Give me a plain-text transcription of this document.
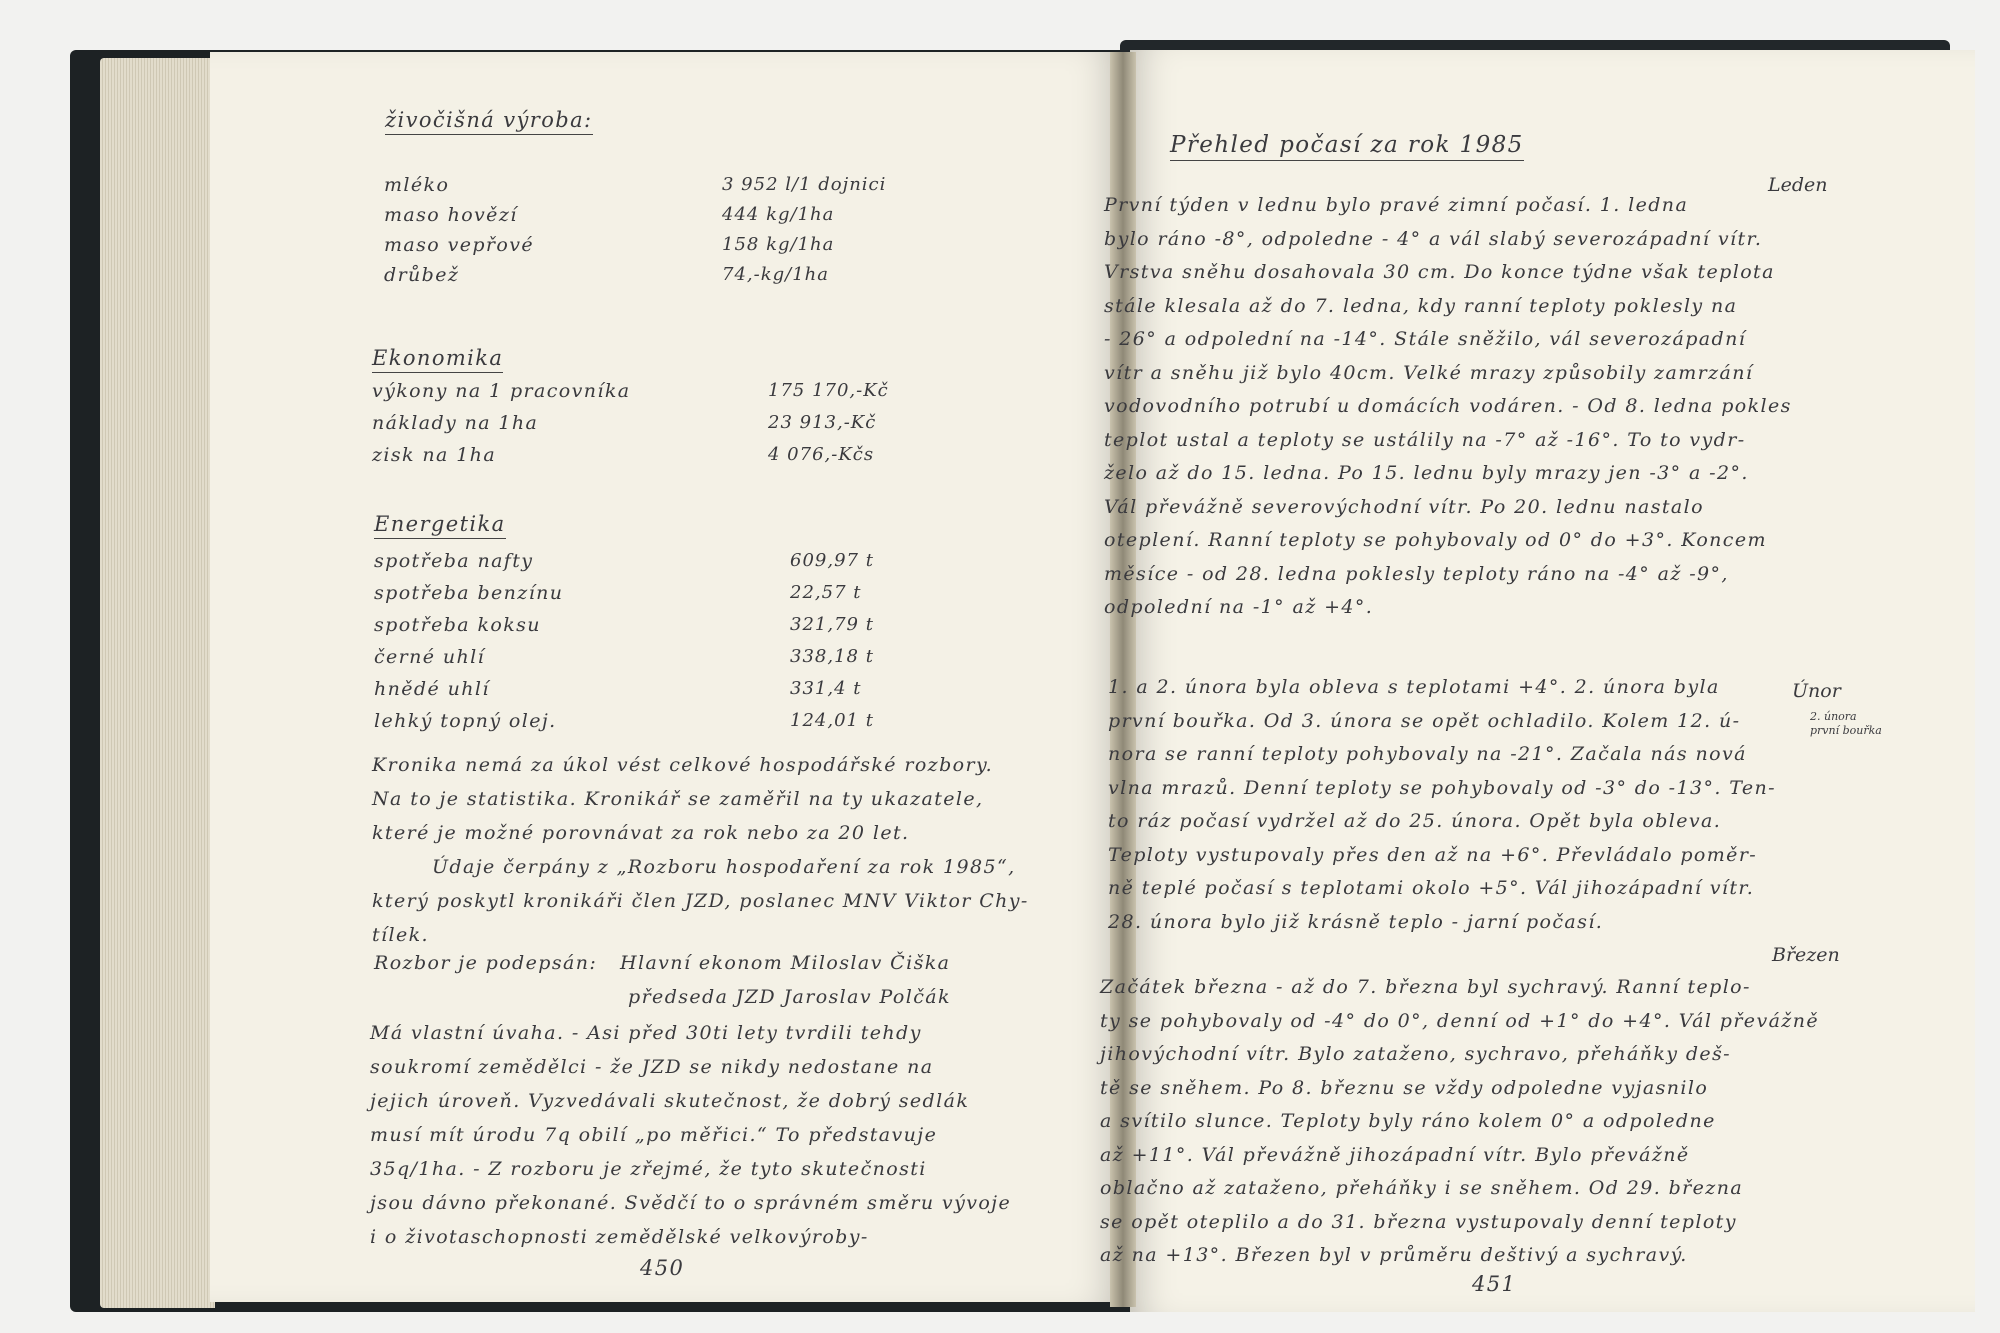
živočišná výroba:
mléko	3 952 l/1 dojnici
maso hovězí	444 kg/1ha
maso vepřové	158 kg/1ha
drůbež	74,-kg/1ha
Ekonomika
výkony na 1 pracovníka	175 170,-Kč
náklady na 1ha	23 913,-Kč
zisk na 1ha	4 076,-Kčs
Energetika
spotřeba nafty	609,97 t
spotřeba benzínu	22,57 t
spotřeba koksu	321,79 t
černé uhlí	338,18 t
hnědé uhlí	331,4 t
lehký topný olej.	124,01 t
Kronika nemá za úkol vést celkové hospodářské rozbory.
Na to je statistika. Kronikář se zaměřil na ty ukazatele,
které je možné porovnávat za rok nebo za 20 let.
Údaje čerpány z „Rozboru hospodaření za rok 1985“,
který poskytl kronikáři člen JZD, poslanec MNV Viktor Chy-
tílek.
Rozbor je podepsán: Hlavní ekonom Miloslav Čiška
předseda JZD Jaroslav Polčák
Má vlastní úvaha. - Asi před 30ti lety tvrdili tehdy
soukromí zemědělci - že JZD se nikdy nedostane na
jejich úroveň. Vyzvedávali skutečnost, že dobrý sedlák
musí mít úrodu 7q obilí „po měřici.“ To představuje
35q/1ha. - Z rozboru je zřejmé, že tyto skutečnosti
jsou dávno překonané. Svědčí to o správném směru vývoje
i o životaschopnosti zemědělské velkovýroby-
450
Přehled počasí za rok 1985
Leden
První týden v lednu bylo pravé zimní počasí. 1. ledna
bylo ráno -8°, odpoledne - 4° a vál slabý severozápadní vítr.
Vrstva sněhu dosahovala 30 cm. Do konce týdne však teplota
stále klesala až do 7. ledna, kdy ranní teploty poklesly na
- 26° a odpolední na -14°. Stále sněžilo, vál severozápadní
vítr a sněhu již bylo 40cm. Velké mrazy způsobily zamrzání
vodovodního potrubí u domácích vodáren. - Od 8. ledna pokles
teplot ustal a teploty se ustálily na -7° až -16°. To to vydr-
želo až do 15. ledna. Po 15. lednu byly mrazy jen -3° a -2°.
Vál převážně severovýchodní vítr. Po 20. lednu nastalo
oteplení. Ranní teploty se pohybovaly od 0° do +3°. Koncem
měsíce - od 28. ledna poklesly teploty ráno na -4° až -9°,
odpolední na -1° až +4°.
Únor
2. února
první bouřka
1. a 2. února byla obleva s teplotami +4°. 2. února byla
první bouřka. Od 3. února se opět ochladilo. Kolem 12. ú-
nora se ranní teploty pohybovaly na -21°. Začala nás nová
vlna mrazů. Denní teploty se pohybovaly od -3° do -13°. Ten-
to ráz počasí vydržel až do 25. února. Opět byla obleva.
Teploty vystupovaly přes den až na +6°. Převládalo poměr-
ně teplé počasí s teplotami okolo +5°. Vál jihozápadní vítr.
28. února bylo již krásně teplo - jarní počasí.
Březen
Začátek března - až do 7. března byl sychravý. Ranní teplo-
ty se pohybovaly od -4° do 0°, denní od +1° do +4°. Vál převážně
jihovýchodní vítr. Bylo zataženo, sychravo, přeháňky deš-
tě se sněhem. Po 8. březnu se vždy odpoledne vyjasnilo
a svítilo slunce. Teploty byly ráno kolem 0° a odpoledne
až +11°. Vál převážně jihozápadní vítr. Bylo převážně
oblačno až zataženo, přeháňky i se sněhem. Od 29. března
se opět oteplilo a do 31. března vystupovaly denní teploty
až na +13°. Březen byl v průměru deštivý a sychravý.
451
